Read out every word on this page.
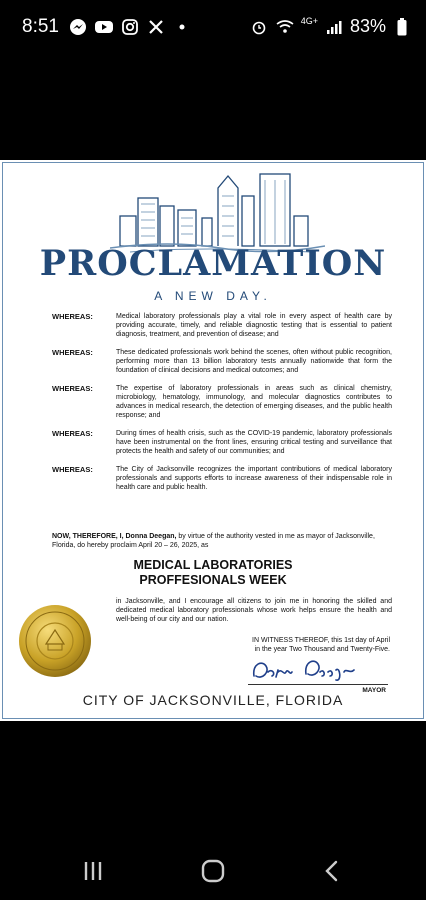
8:51	4G+ 83%
PROCLAMATION
A NEW DAY.
WHEREAS:	Medical laboratory professionals play a vital role in every aspect of health care by providing accurate, timely, and reliable diagnostic testing that is essential to patient diagnosis, treatment, and prevention of disease; and
WHEREAS:	These dedicated professionals work behind the scenes, often without public recognition, performing more than 13 billion laboratory tests annually nationwide that form the foundation of clinical decisions and medical outcomes; and
WHEREAS:	The expertise of laboratory professionals in areas such as clinical chemistry, microbiology, hematology, immunology, and molecular diagnostics contributes to advances in medical research, the detection of emerging diseases, and the public health response; and
WHEREAS:	During times of health crisis, such as the COVID-19 pandemic, laboratory professionals have been instrumental on the front lines, ensuring critical testing and surveillance that protects the health and safety of our communities; and
WHEREAS:	The City of Jacksonville recognizes the important contributions of medical laboratory professionals and supports efforts to increase awareness of their indispensable role in health care and public health.
NOW, THEREFORE, I, Donna Deegan, by virtue of the authority vested in me as mayor of Jacksonville, Florida, do hereby proclaim April 20 – 26, 2025, as
MEDICAL LABORATORIES
PROFFESIONALS WEEK
in Jacksonville, and I encourage all citizens to join me in honoring the skilled and dedicated medical laboratory professionals whose work helps ensure the health and well-being of our city and our nation.
IN WITNESS THEREOF, this 1st day of April
in the year Two Thousand and Twenty-Five.
MAYOR
CITY OF JACKSONVILLE, FLORIDA
